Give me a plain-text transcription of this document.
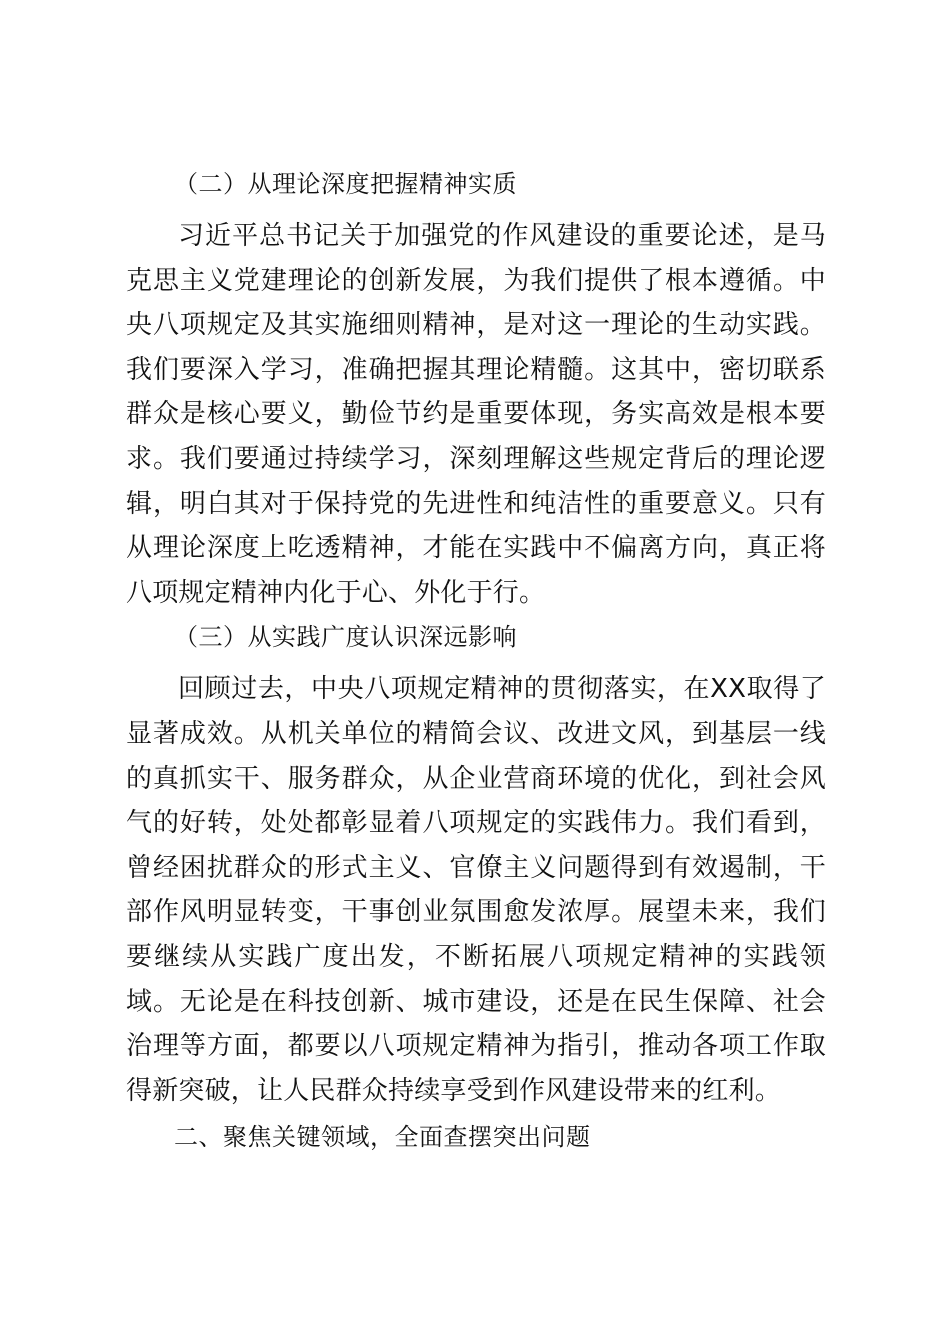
（二）从理论深度把握精神实质

习近平总书记关于加强党的作风建设的重要论述，是马克思主义党建理论的创新发展，为我们提供了根本遵循。中央八项规定及其实施细则精神，是对这一理论的生动实践。我们要深入学习，准确把握其理论精髓。这其中，密切联系群众是核心要义，勤俭节约是重要体现，务实高效是根本要求。我们要通过持续学习，深刻理解这些规定背后的理论逻辑，明白其对于保持党的先进性和纯洁性的重要意义。只有从理论深度上吃透精神，才能在实践中不偏离方向，真正将八项规定精神内化于心、外化于行。

（三）从实践广度认识深远影响

回顾过去，中央八项规定精神的贯彻落实，在XX取得了显著成效。从机关单位的精简会议、改进文风，到基层一线的真抓实干、服务群众，从企业营商环境的优化，到社会风气的好转，处处都彰显着八项规定的实践伟力。我们看到，曾经困扰群众的形式主义、官僚主义问题得到有效遏制，干部作风明显转变，干事创业氛围愈发浓厚。展望未来，我们要继续从实践广度出发，不断拓展八项规定精神的实践领域。无论是在科技创新、城市建设，还是在民生保障、社会治理等方面，都要以八项规定精神为指引，推动各项工作取得新突破，让人民群众持续享受到作风建设带来的红利。

二、聚焦关键领域，全面查摆突出问题
